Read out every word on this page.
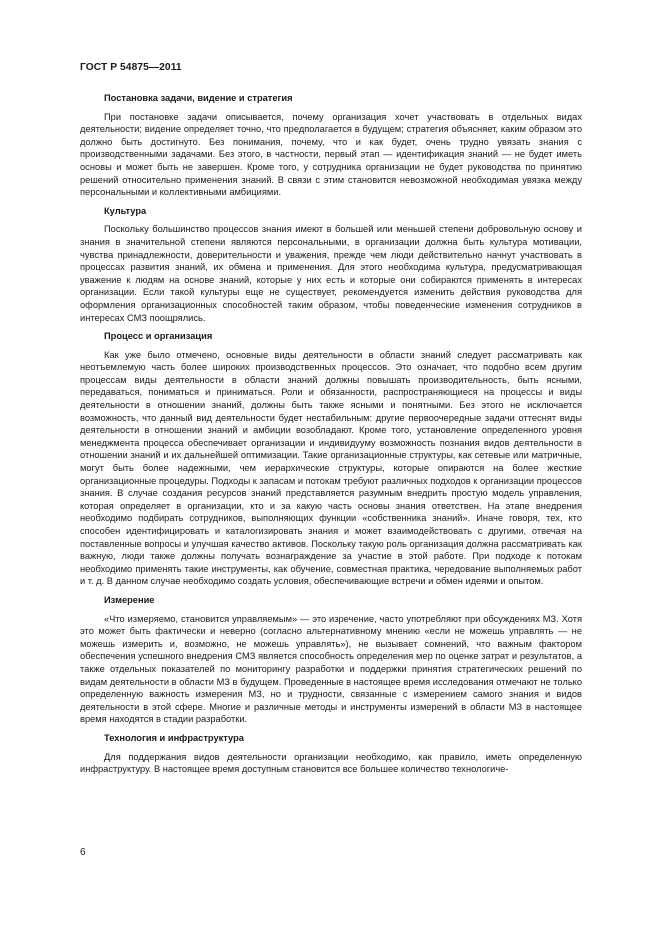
ГОСТ Р 54875—2011
Постановка задачи, видение и стратегия
При постановке задачи описывается, почему организация хочет участвовать в отдельных видах деятельности; видение определяет точно, что предполагается в будущем; стратегия объясняет, каким образом это должно быть достигнуто. Без понимания, почему, что и как будет, очень трудно увязать знания с производственными задачами. Без этого, в частности, первый этап — идентификация знаний — не будет иметь основы и может быть не завершен. Кроме того, у сотрудника организации не будет руководства по принятию решений относительно применения знаний. В связи с этим становится невозможной необходимая увязка между персональными и коллективными амбициями.
Культура
Поскольку большинство процессов знания имеют в большей или меньшей степени добровольную основу и знания в значительной степени являются персональными, в организации должна быть культура мотивации, чувства принадлежности, доверительности и уважения, прежде чем люди действительно начнут участвовать в процессах развития знаний, их обмена и применения. Для этого необходима культура, предусматривающая уважение к людям на основе знаний, которые у них есть и которые они собираются применять в интересах организации. Если такой культуры еще не существует, рекомендуется изменить действия руководства для оформления организационных способностей таким образом, чтобы поведенческие изменения сотрудников в интересах СМЗ поощрялись.
Процесс и организация
Как уже было отмечено, основные виды деятельности в области знаний следует рассматривать как неотъемлемую часть более широких производственных процессов. Это означает, что подобно всем другим процессам виды деятельности в области знаний должны повышать производительность, быть ясными, передаваться, пониматься и приниматься. Роли и обязанности, распространяющиеся на процессы и виды деятельности в отношении знаний, должны быть также ясными и понятными. Без этого не исключается возможность, что данный вид деятельности будет нестабильным: другие первоочередные задачи оттеснят виды деятельности в отношении знаний и амбиции возобладают. Кроме того, установление определенного уровня менеджмента процесса обеспечивает организации и индивидууму возможность познания видов деятельности в отношении знаний и их дальнейшей оптимизации. Такие организационные структуры, как сетевые или матричные, могут быть более надежными, чем иерархические структуры, которые опираются на более жесткие организационные процедуры. Подходы к запасам и потокам требуют различных подходов к организации процессов знания. В случае создания ресурсов знаний представляется разумным внедрить простую модель управления, которая определяет в организации, кто и за какую часть основы знания ответствен. На этапе внедрения необходимо подбирать сотрудников, выполняющих функции «собственника знаний». Иначе говоря, тех, кто способен идентифицировать и каталогизировать знания и может взаимодействовать с другими, отвечая на поставленные вопросы и улучшая качество активов. Поскольку такую роль организация должна рассматривать как важную, люди также должны получать вознаграждение за участие в этой работе. При подходе к потокам необходимо применять такие инструменты, как обучение, совместная практика, чередование выполняемых работ и т. д. В данном случае необходимо создать условия, обеспечивающие встречи и обмен идеями и опытом.
Измерение
«Что измеряемо, становится управляемым» — это изречение, часто употребляют при обсуждениях МЗ. Хотя это может быть фактически и неверно (согласно альтернативному мнению «если не можешь управлять — не можешь измерить и, возможно, не можешь управлять»), не вызывает сомнений, что важным фактором обеспечения успешного внедрения СМЗ является способность определения мер по оценке затрат и результатов, а также отдельных показателей по мониторингу разработки и поддержки принятия стратегических решений по видам деятельности в области МЗ в будущем. Проведенные в настоящее время исследования отмечают не только определенную важность измерения МЗ, но и трудности, связанные с измерением самого знания и видов деятельности в этой сфере. Многие и различные методы и инструменты измерений в области МЗ в настоящее время находятся в стадии разработки.
Технология и инфраструктура
Для поддержания видов деятельности организации необходимо, как правило, иметь определенную инфраструктуру. В настоящее время доступным становится все большее количество технологиче-
6
